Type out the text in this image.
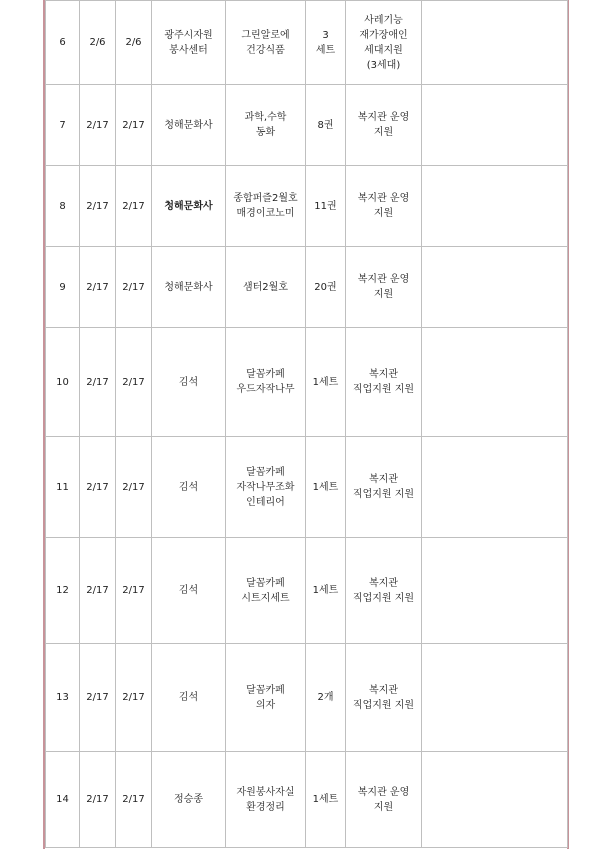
6	2/6	2/6	광주시자원
봉사센터	그린알로에
건강식품	3
세트	사레기능
재가장애인
세대지원
(3세대)	

7	2/17	2/17	청해문화사	과학,수학
동화	8권	복지관 운영
지원	

8	2/17	2/17	청해문화사	종합퍼즐2월호
매경이코노미	11권	복지관 운영
지원	

9	2/17	2/17	청해문화사	샘터2월호	20권	복지관 운영
지원	

10	2/17	2/17	김석	달꼼카페
우드자작나무	1세트	복지관
직업지원 지원	

11	2/17	2/17	김석	달꼼카페
자작나무조화
인테리어	1세트	복지관
직업지원 지원	

12	2/17	2/17	김석	달꼼카페
시트지세트	1세트	복지관
직업지원 지원	

13	2/17	2/17	김석	달꼼카페
의자	2개	복지관
직업지원 지원	

14	2/17	2/17	정승종	자원봉사자실
환경정리	1세트	복지관 운영
지원	
